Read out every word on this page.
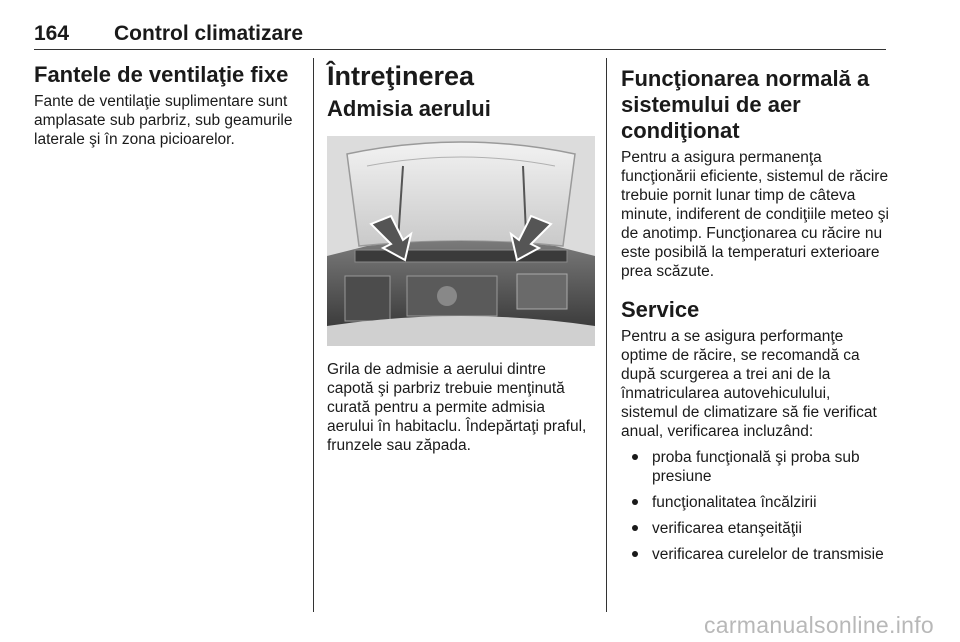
164 Control climatizare
Fantele de ventilaţie fixe

Fante de ventilaţie suplimentare sunt amplasate sub parbriz, sub geamurile laterale şi în zona picioarelor.

Întreţinerea
Admisia aerului

Grila de admisie a aerului dintre capotă şi parbriz trebuie menţinută curată pentru a permite admisia aerului în habitaclu. Îndepărtaţi praful, frunzele sau zăpada.

Funcţionarea normală a sistemului de aer condiţionat

Pentru a asigura permanenţa funcţionării eficiente, sistemul de răcire trebuie pornit lunar timp de câteva minute, indiferent de condiţiile meteo şi de anotimp. Funcţionarea cu răcire nu este posibilă la temperaturi exterioare prea scăzute.

Service

Pentru a se asigura performanţe optime de răcire, se recomandă ca după scurgerea a trei ani de la înmatricularea autovehiculului, sistemul de climatizare să fie verificat anual, verificarea incluzând:

proba funcţională şi proba sub presiune
funcţionalitatea încălzirii
verificarea etanşeităţii
verificarea curelelor de transmisie
carmanualsonline.info
